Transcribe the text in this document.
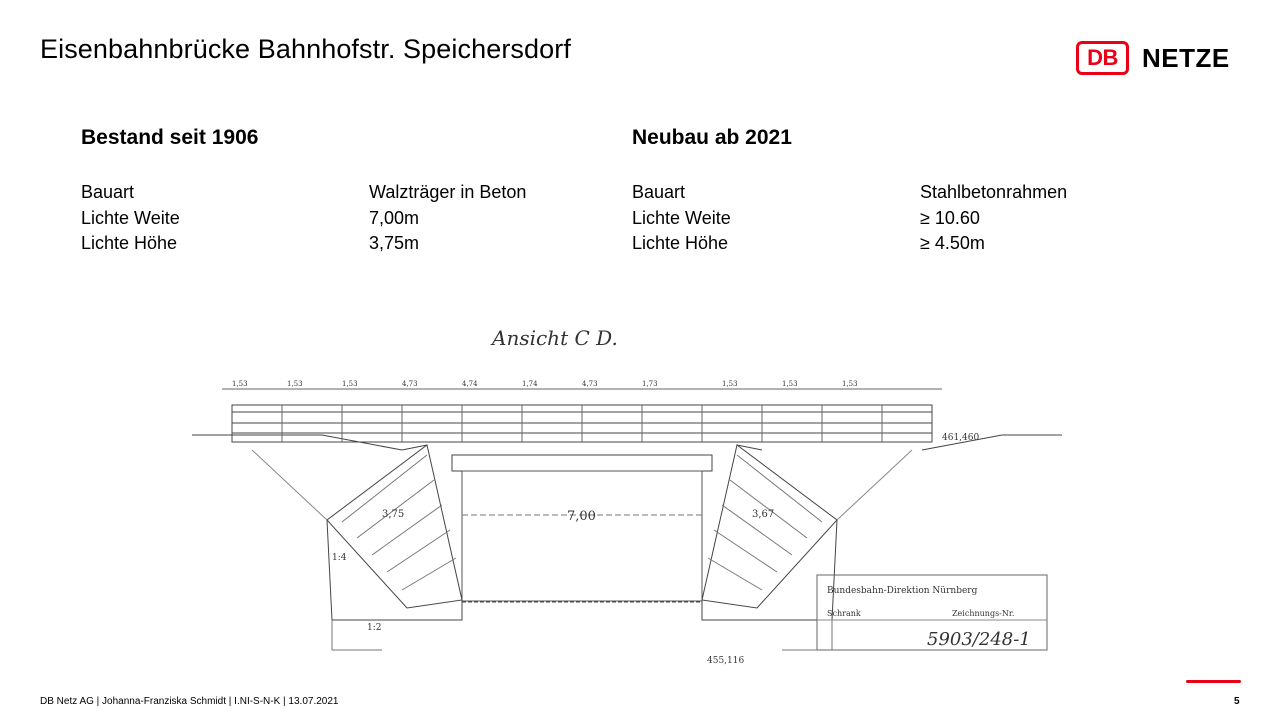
Eisenbahnbrücke Bahnhofstr. Speichersdorf	DB NETZE
Bestand seit 1906
Bauart	Walzträger in Beton
Lichte Weite	7,00m
Lichte Höhe	3,75m
Neubau ab 2021
Bauart	Stahlbetonrahmen
Lichte Weite	≥ 10.60
Lichte Höhe	≥ 4.50m
Ansicht C D.
7,00
3,75	3,67
461,460
455,116
1:4
1:2
1,53	1,53	1,53	4,73	4,74	1,74	4,73	1,73	1,53	1,53	1,53
Bundesbahn-Direktion Nürnberg
Schrank	Zeichnungs-Nr.
5903/248-1
DB Netz AG | Johanna-Franziska Schmidt | I.NI-S-N-K | 13.07.2021	5
